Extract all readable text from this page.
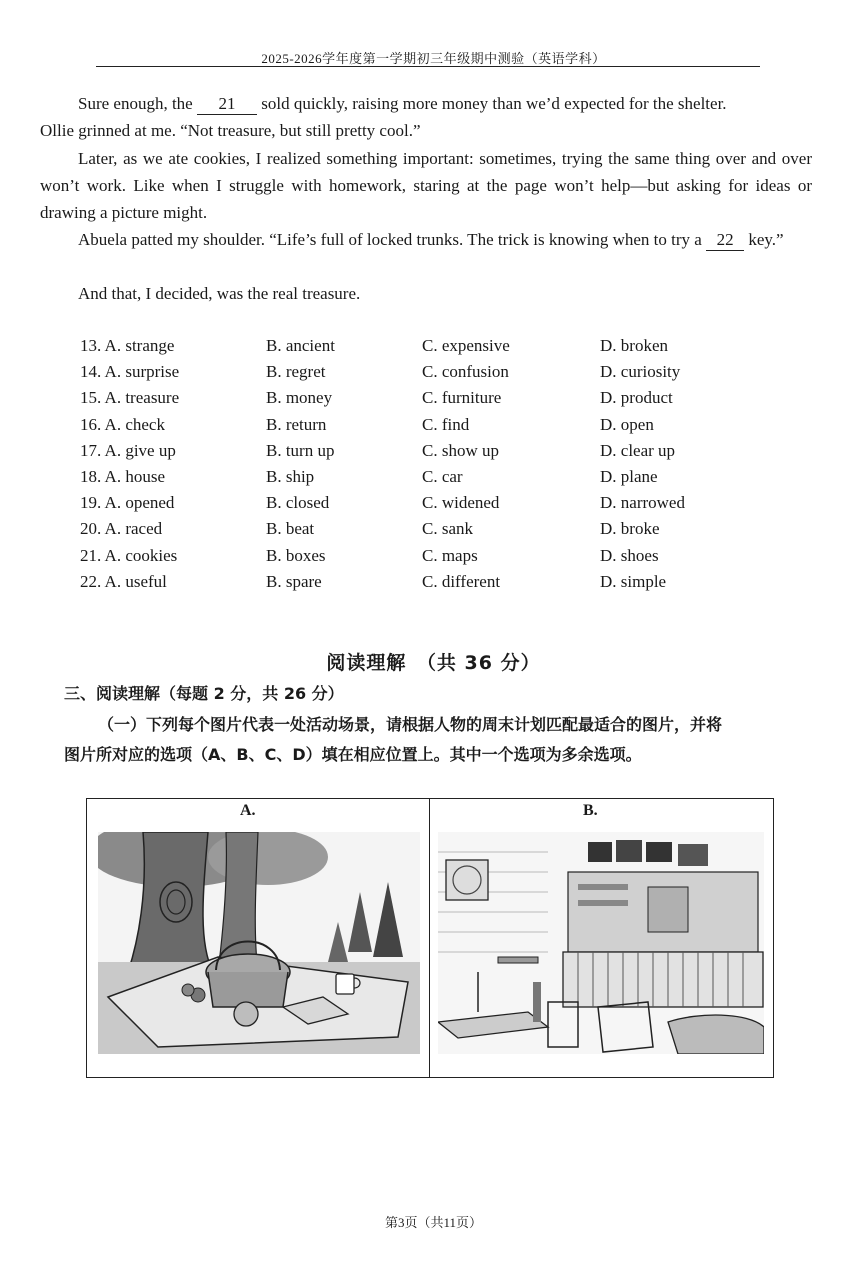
2025-2026学年度第一学期初三年级期中测验（英语学科）
Sure enough, the 21 sold quickly, raising more money than we’d expected for the shelter.
Ollie grinned at me. “Not treasure, but still pretty cool.”
Later, as we ate cookies, I realized something important: sometimes, trying the same thing over and over won’t work. Like when I struggle with homework, staring at the page won’t help—but asking for ideas or drawing a picture might.
Abuela patted my shoulder. “Life’s full of locked trunks. The trick is knowing when to try a 22 key.”
And that, I decided, was the real treasure.
13. A. strange	B. ancient	C. expensive	D. broken
14. A. surprise	B. regret	C. confusion	D. curiosity
15. A. treasure	B. money	C. furniture	D. product
16. A. check	B. return	C. find	D. open
17. A. give up	B. turn up	C. show up	D. clear up
18. A. house	B. ship	C. car	D. plane
19. A. opened	B. closed	C. widened	D. narrowed
20. A. raced	B. beat	C. sank	D. broke
21. A. cookies	B. boxes	C. maps	D. shoes
22. A. useful	B. spare	C. different	D. simple
阅读理解　（共 36 分）
三、阅读理解（每题 2 分，共 26 分）
（一）下列每个图片代表一处活动场景，请根据人物的周末计划匹配最适合的图片，并将
图片所对应的选项（A、B、C、D）填在相应位置上。其中一个选项为多余选项。
A.	B.
第3页（共11页）
